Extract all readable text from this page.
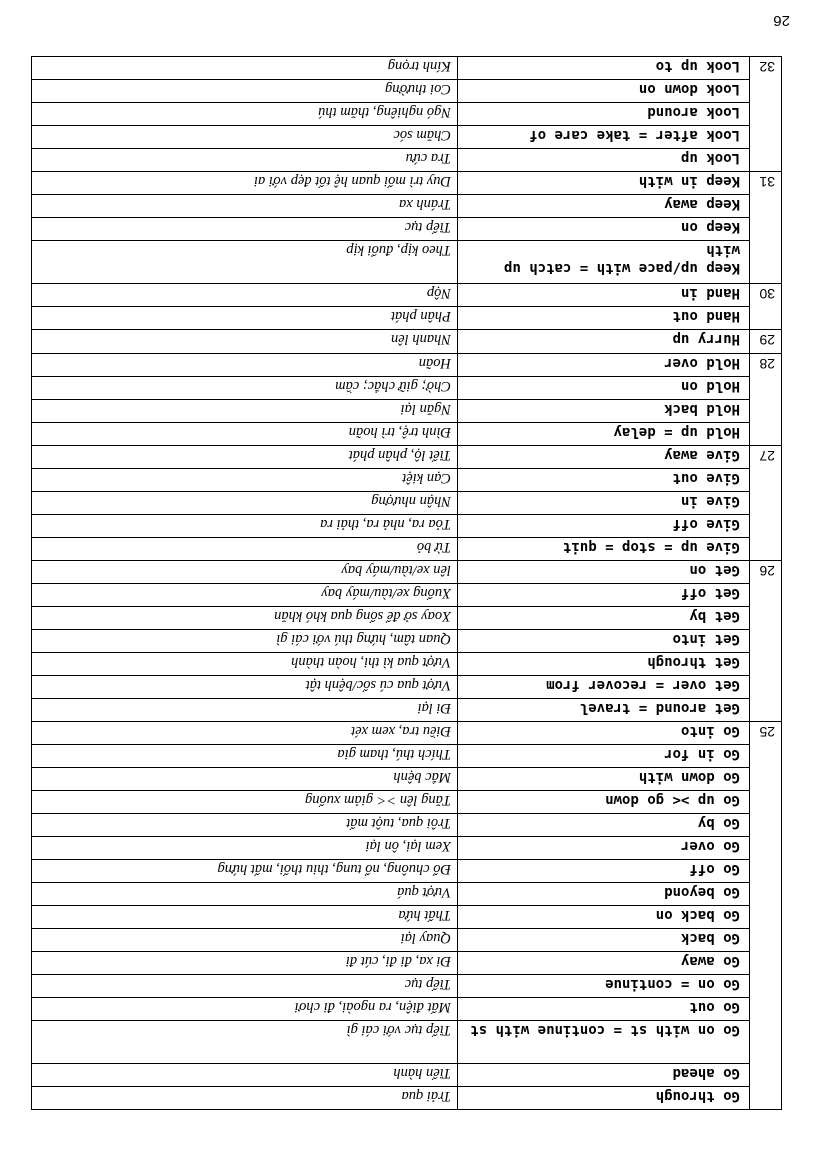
26
25	Go through	Trải qua
	Go ahead	Tiến hành
	Go on with st = continue with st	Tiếp tục với cái gì
	Go out	Mất điện, ra ngoài, đi chơi
	Go on = continue	Tiếp tục
	Go away	Đi xa, đi đi, cút đi
	Go back	Quay lại
	Go back on	Thất hứa
	Go beyond	Vượt quá
	Go off	Đổ chuông, nổ tung, thiu thối, mất hứng
	Go over	Xem lại, ôn lại
	Go by	Trôi qua, tuột mất
	Go up >< go down	Tăng lên >< giảm xuống
	Go down with	Mắc bệnh
	Go in for	Thích thú, tham gia
	Go into	Điều tra, xem xét
26	Get around = travel	Đi lại
	Get over = recover from	Vượt qua cú sốc/bệnh tật
	Get through	Vượt qua kì thi, hoàn thành
	Get into	Quan tâm, hứng thú với cái gì
	Get by	Xoay sở để sống qua khó khăn
	Get off	Xuống xe/tàu/máy bay
	Get on	lên xe/tàu/máy bay
27	Give up = stop = quit	Từ bỏ
	Give off	Tỏa ra, nhả ra, thải ra
	Give in	Nhận nhượng
	Give out	Cạn kiệt
	Give away	Tiết lộ, phân phát
28	Hold up = delay	Đình trệ, trì hoãn
	Hold back	Ngăn lại
	Hold on	Chờ; giữ chắc; cầm
	Hold over	Hoãn
29	Hurry up	Nhanh lên
30	Hand out	Phân phát
	Hand in	Nộp
31	Keep up/pace with = catch up with	Theo kịp, đuổi kịp
	Keep on	Tiếp tục
	Keep away	Tránh xa
	Keep in with	Duy trì mối quan hệ tốt đẹp với ai
32	Look up	Tra cứu
	Look after = take care of	Chăm sóc
	Look around	Ngó nghiêng, thăm thú
	Look down on	Coi thường
	Look up to	Kính trọng
